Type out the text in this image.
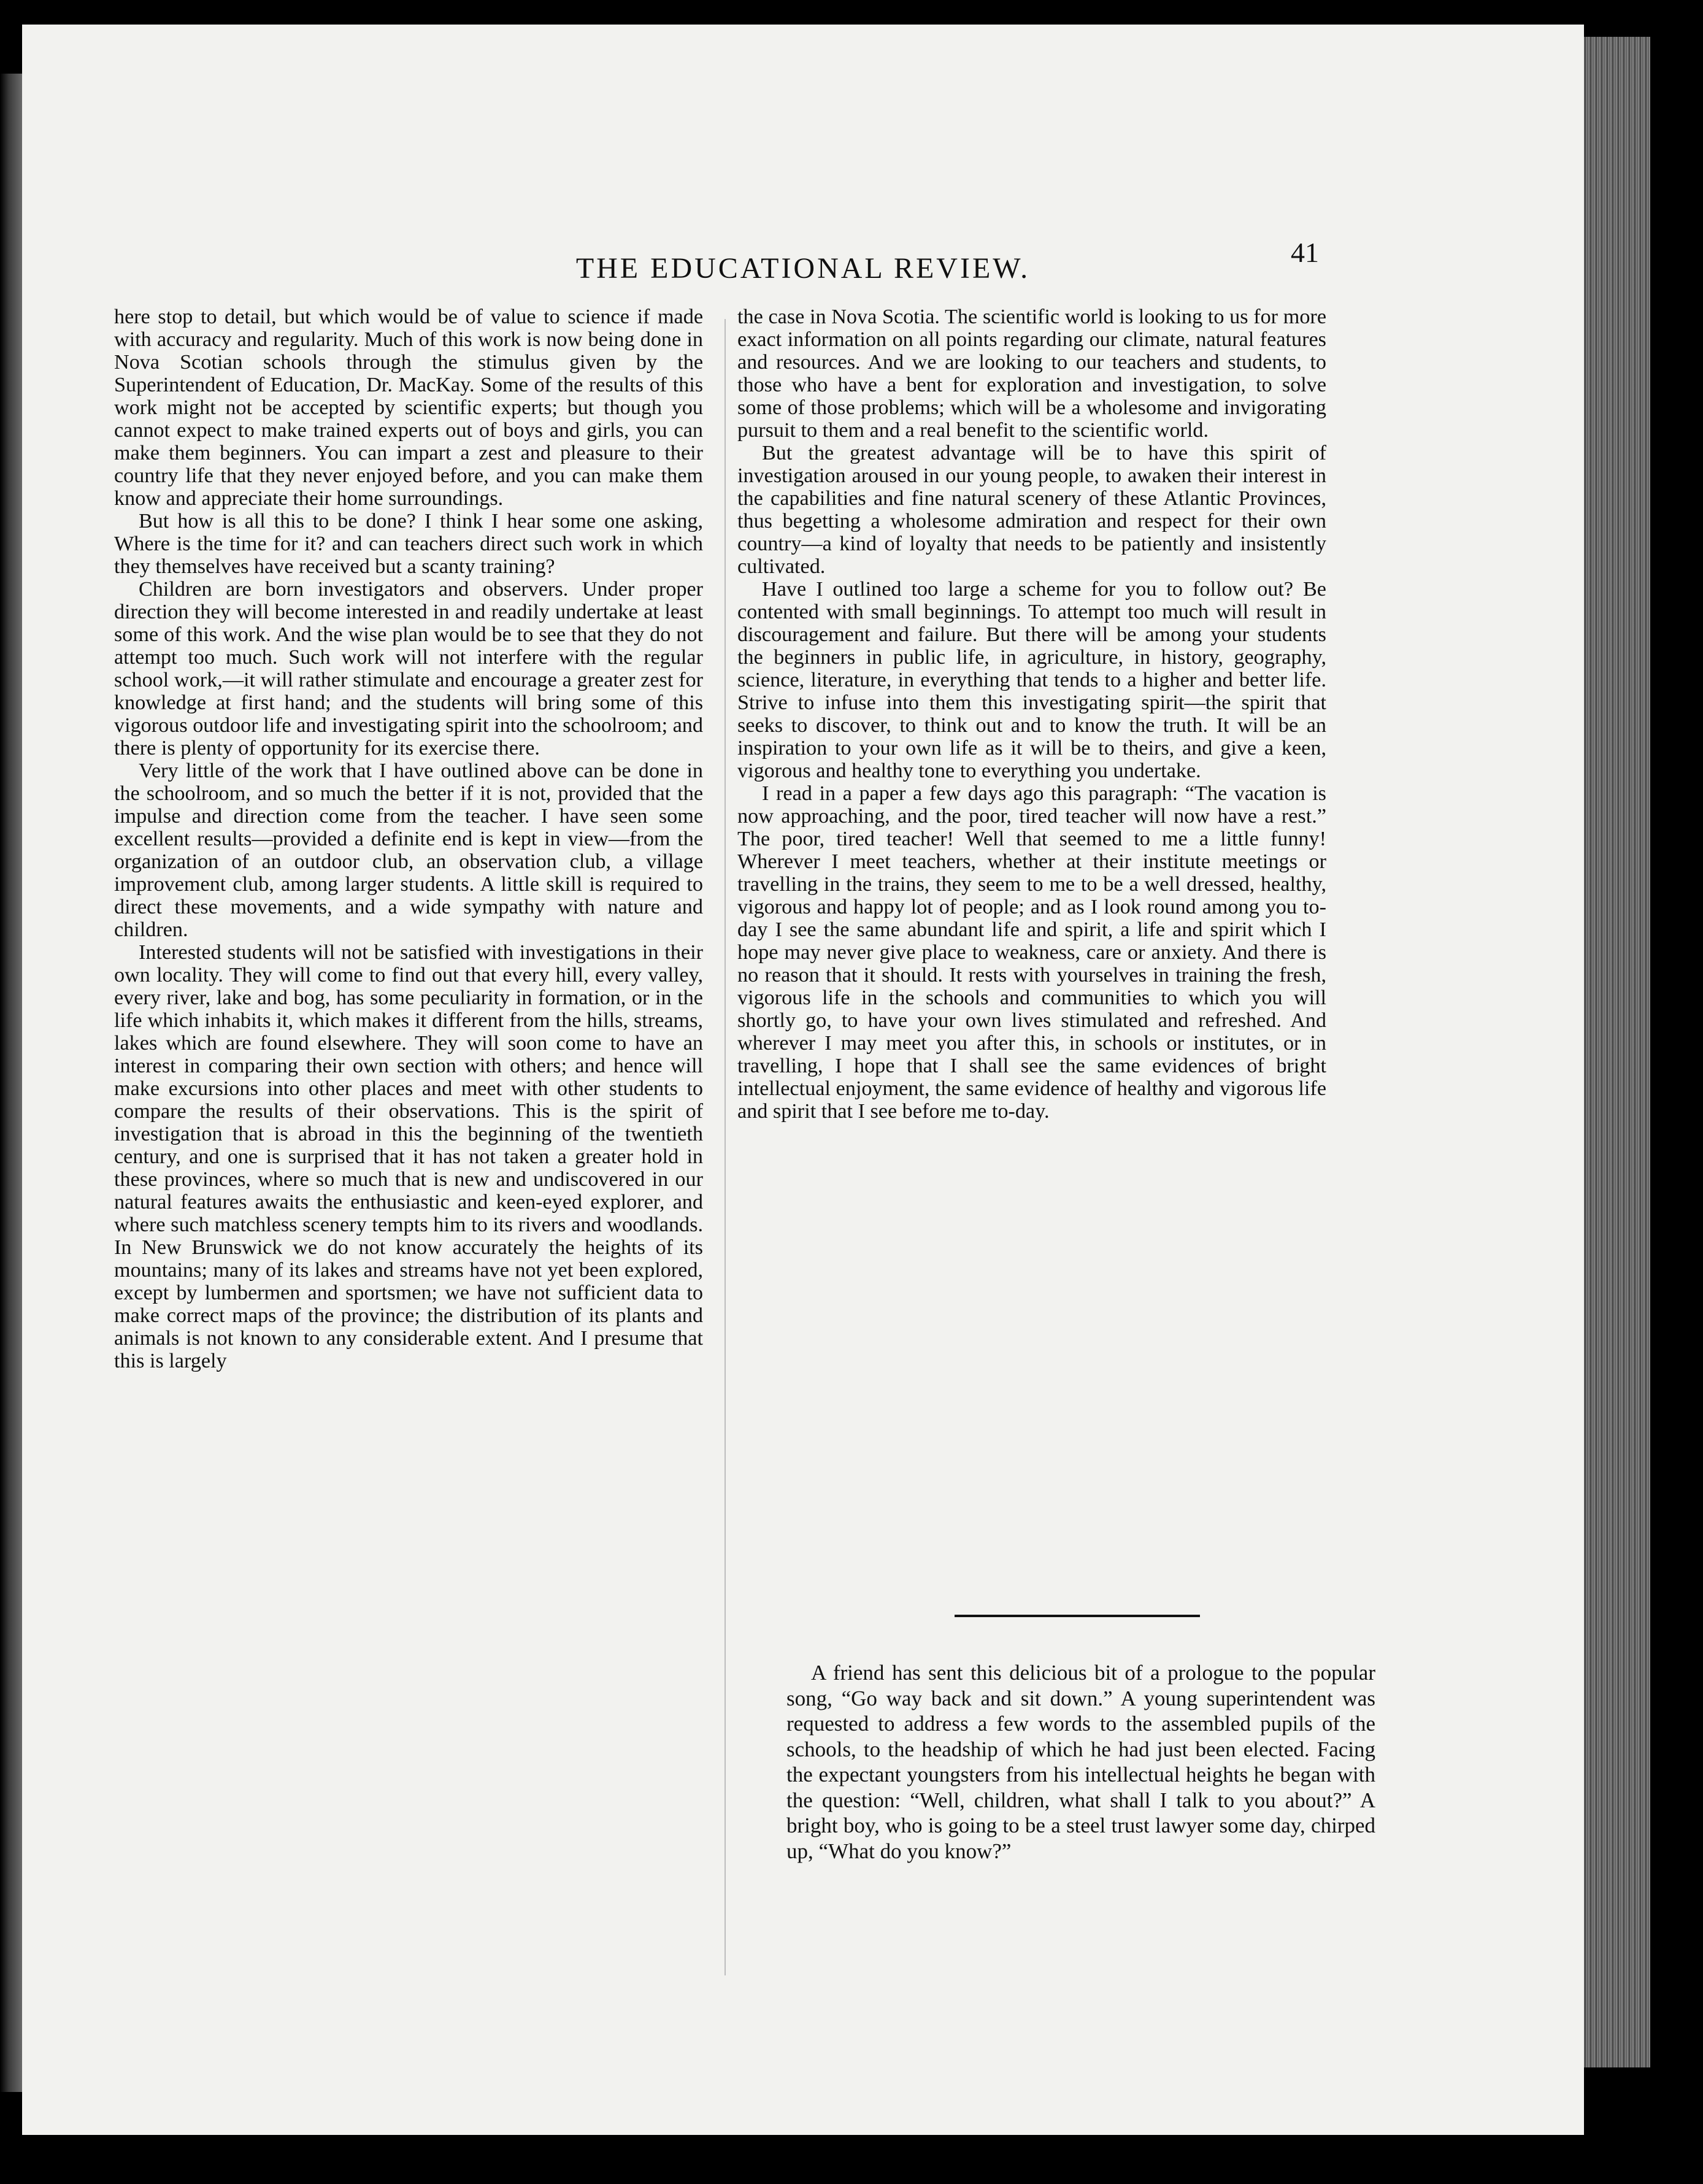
THE EDUCATIONAL REVIEW.	41

here stop to detail, but which would be of value to science if made with accuracy and regularity. Much of this work is now being done in Nova Scotian schools through the stimulus given by the Superintendent of Education, Dr. MacKay. Some of the results of this work might not be accepted by scientific experts; but though you cannot expect to make trained experts out of boys and girls, you can make them beginners. You can impart a zest and pleasure to their country life that they never enjoyed before, and you can make them know and appreciate their home surroundings.

But how is all this to be done? I think I hear some one asking, Where is the time for it? and can teachers direct such work in which they themselves have received but a scanty training?

Children are born investigators and observers. Under proper direction they will become interested in and readily undertake at least some of this work. And the wise plan would be to see that they do not attempt too much. Such work will not interfere with the regular school work,—it will rather stimulate and encourage a greater zest for knowledge at first hand; and the students will bring some of this vigorous outdoor life and investigating spirit into the schoolroom; and there is plenty of opportunity for its exercise there.

Very little of the work that I have outlined above can be done in the schoolroom, and so much the better if it is not, provided that the impulse and direction come from the teacher. I have seen some excellent results—provided a definite end is kept in view—from the organization of an outdoor club, an observation club, a village improvement club, among larger students. A little skill is required to direct these movements, and a wide sympathy with nature and children.

Interested students will not be satisfied with investigations in their own locality. They will come to find out that every hill, every valley, every river, lake and bog, has some peculiarity in formation, or in the life which inhabits it, which makes it different from the hills, streams, lakes which are found elsewhere. They will soon come to have an interest in comparing their own section with others; and hence will make excursions into other places and meet with other students to compare the results of their observations. This is the spirit of investigation that is abroad in this the beginning of the twentieth century, and one is surprised that it has not taken a greater hold in these provinces, where so much that is new and undiscovered in our natural features awaits the enthusiastic and keen-eyed explorer, and where such matchless scenery tempts him to its rivers and woodlands. In New Brunswick we do not know accurately the heights of its mountains; many of its lakes and streams have not yet been explored, except by lumbermen and sportsmen; we have not sufficient data to make correct maps of the province; the distribution of its plants and animals is not known to any considerable extent. And I presume that this is largely

the case in Nova Scotia. The scientific world is looking to us for more exact information on all points regarding our climate, natural features and resources. And we are looking to our teachers and students, to those who have a bent for exploration and investigation, to solve some of those problems; which will be a wholesome and invigorating pursuit to them and a real benefit to the scientific world.

But the greatest advantage will be to have this spirit of investigation aroused in our young people, to awaken their interest in the capabilities and fine natural scenery of these Atlantic Provinces, thus begetting a wholesome admiration and respect for their own country—a kind of loyalty that needs to be patiently and insistently cultivated.

Have I outlined too large a scheme for you to follow out? Be contented with small beginnings. To attempt too much will result in discouragement and failure. But there will be among your students the beginners in public life, in agriculture, in history, geography, science, literature, in everything that tends to a higher and better life. Strive to infuse into them this investigating spirit—the spirit that seeks to discover, to think out and to know the truth. It will be an inspiration to your own life as it will be to theirs, and give a keen, vigorous and healthy tone to everything you undertake.

I read in a paper a few days ago this paragraph: “The vacation is now approaching, and the poor, tired teacher will now have a rest.” The poor, tired teacher! Well that seemed to me a little funny! Wherever I meet teachers, whether at their institute meetings or travelling in the trains, they seem to me to be a well dressed, healthy, vigorous and happy lot of people; and as I look round among you to-day I see the same abundant life and spirit, a life and spirit which I hope may never give place to weakness, care or anxiety. And there is no reason that it should. It rests with yourselves in training the fresh, vigorous life in the schools and communities to which you will shortly go, to have your own lives stimulated and refreshed. And wherever I may meet you after this, in schools or institutes, or in travelling, I hope that I shall see the same evidences of bright intellectual enjoyment, the same evidence of healthy and vigorous life and spirit that I see before me to-day.

A friend has sent this delicious bit of a prologue to the popular song, “Go way back and sit down.” A young superintendent was requested to address a few words to the assembled pupils of the schools, to the headship of which he had just been elected. Facing the expectant youngsters from his intellectual heights he began with the question: “Well, children, what shall I talk to you about?” A bright boy, who is going to be a steel trust lawyer some day, chirped up, “What do you know?”
